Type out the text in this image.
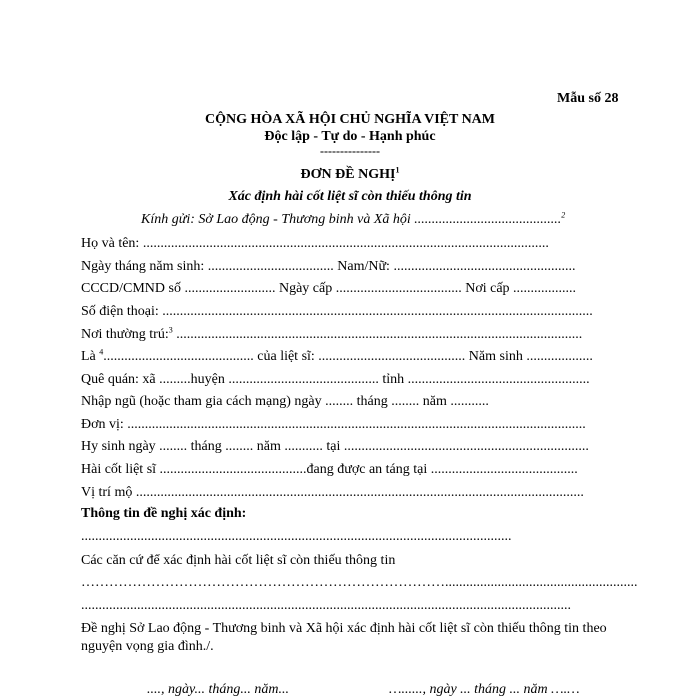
Mẫu số 28
CỘNG HÒA XÃ HỘI CHỦ NGHĨA VIỆT NAM
Độc lập - Tự do - Hạnh phúc
---------------
ĐƠN ĐỀ NGHỊ$^1$
Xác định hài cốt liệt sĩ còn thiếu thông tin
Kính gửi: Sở Lao động - Thương binh và Xã hội ..........................................$^2$
Họ và tên: ....................................................................................................................
Ngày tháng năm sinh: .................................... Nam/Nữ: ....................................................
CCCD/CMND số .......................... Ngày cấp .................................... Nơi cấp ..................
Số điện thoại: ...........................................................................................................................
Nơi thường trú:$^3$ ....................................................................................................................
Là $^4$........................................... của liệt sĩ: .......................................... Năm sinh ...................
Quê quán: xã .........huyện ........................................... tỉnh ....................................................
Nhập ngũ (hoặc tham gia cách mạng) ngày ........ tháng ........ năm ...........
Đơn vị: ...................................................................................................................................
Hy sinh ngày ........ tháng ........ năm ........... tại ......................................................................
Hài cốt liệt sĩ ..........................................đang được an táng tại ..........................................
Vị trí mộ ................................................................................................................................
Thông tin đề nghị xác định:
...........................................................................................................................
Các căn cứ để xác định hài cốt liệt sĩ còn thiếu thông tin
…………………………………………………………………….......................................................
............................................................................................................................................
Đề nghị Sở Lao động - Thương binh và Xã hội xác định hài cốt liệt sĩ còn thiếu thông tin theo
nguyện vọng gia đình./.
...., ngày... tháng... năm...	…......, ngày ... tháng ... năm ….…
